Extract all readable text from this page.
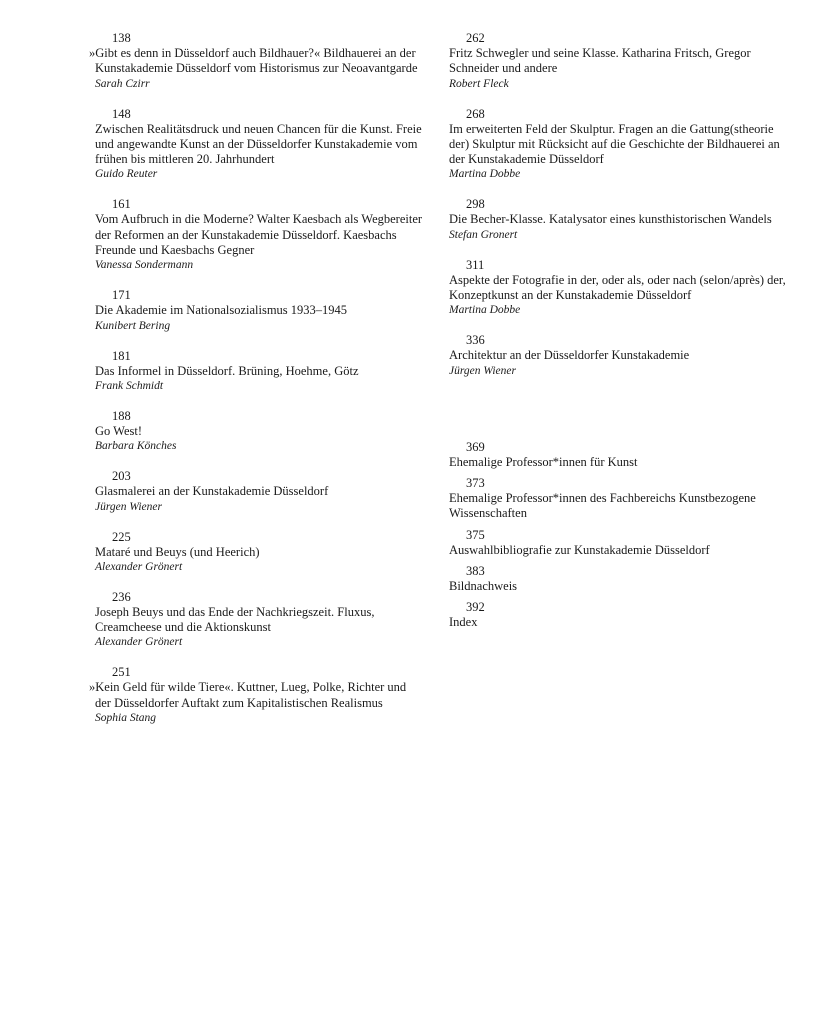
138
»Gibt es denn in Düsseldorf auch Bildhauer?« Bildhauerei an der Kunstakademie Düsseldorf vom Historismus zur Neoavantgarde
Sarah Czirr
148
Zwischen Realitätsdruck und neuen Chancen für die Kunst. Freie und angewandte Kunst an der Düsseldorfer Kunstakademie vom frühen bis mittleren 20. Jahrhundert
Guido Reuter
161
Vom Aufbruch in die Moderne? Walter Kaesbach als Wegbereiter der Reformen an der Kunstakademie Düsseldorf. Kaesbachs Freunde und Kaesbachs Gegner
Vanessa Sondermann
171
Die Akademie im Nationalsozialismus 1933–1945
Kunibert Bering
181
Das Informel in Düsseldorf. Brüning, Hoehme, Götz
Frank Schmidt
188
Go West!
Barbara Könches
203
Glasmalerei an der Kunstakademie Düsseldorf
Jürgen Wiener
225
Mataré und Beuys (und Heerich)
Alexander Grönert
236
Joseph Beuys und das Ende der Nachkriegszeit. Fluxus, Creamcheese und die Aktionskunst
Alexander Grönert
251
»Kein Geld für wilde Tiere«. Kuttner, Lueg, Polke, Richter und der Düsseldorfer Auftakt zum Kapitalistischen Realismus
Sophia Stang
262
Fritz Schwegler und seine Klasse. Katharina Fritsch, Gregor Schneider und andere
Robert Fleck
268
Im erweiterten Feld der Skulptur. Fragen an die Gattung(stheorie der) Skulptur mit Rücksicht auf die Geschichte der Bildhauerei an der Kunstakademie Düsseldorf
Martina Dobbe
298
Die Becher-Klasse. Katalysator eines kunsthistorischen Wandels
Stefan Gronert
311
Aspekte der Fotografie in der, oder als, oder nach (selon/après) der, Konzeptkunst an der Kunstakademie Düsseldorf
Martina Dobbe
336
Architektur an der Düsseldorfer Kunstakademie
Jürgen Wiener
369
Ehemalige Professor*innen für Kunst
373
Ehemalige Professor*innen des Fachbereichs Kunstbezogene Wissenschaften
375
Auswahlbibliografie zur Kunstakademie Düsseldorf
383
Bildnachweis
392
Index
